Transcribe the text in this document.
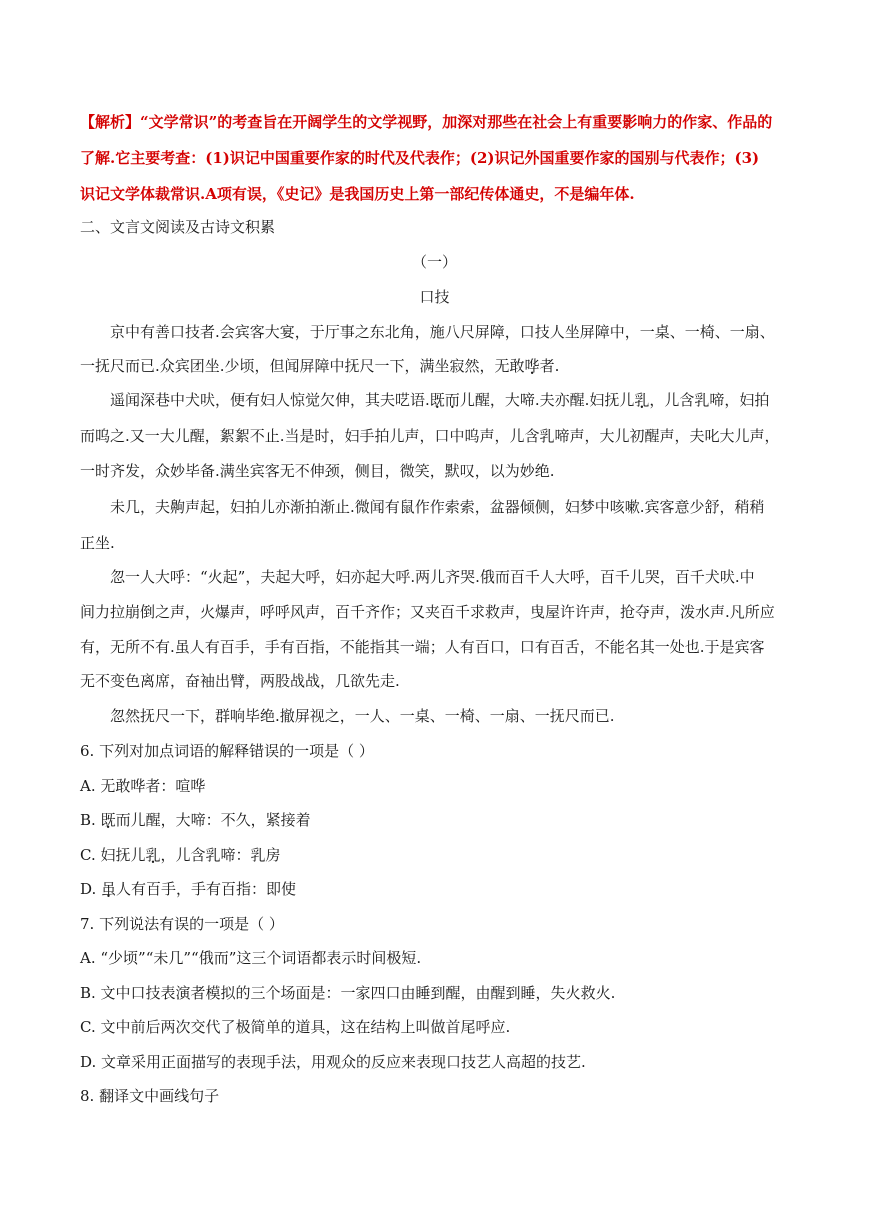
【解析】“文学常识”的考查旨在开阔学生的文学视野，加深对那些在社会上有重要影响力的作家、作品的
了解.它主要考查：(1)识记中国重要作家的时代及代表作；(2)识记外国重要作家的国别与代表作；(3)
识记文学体裁常识.A项有误，《史记》是我国历史上第一部纪传体通史，不是编年体.
二、文言文阅读及古诗文积累
（一）
口技
京中有善口技者.会宾客大宴，于厅事之东北角，施八尺屏障，口技人坐屏障中，一桌、一椅、一扇、
一抚尺而已.众宾团坐.少顷，但闻屏障中抚尺一下，满坐寂然，无敢哗者.
遥闻深巷中犬吠，便有妇人惊觉欠伸，其夫呓语.既而儿醒，大啼.夫亦醒.妇抚儿乳，儿含乳啼，妇拍
而呜之.又一大儿醒，絮絮不止.当是时，妇手拍儿声，口中呜声，儿含乳啼声，大儿初醒声，夫叱大儿声，
一时齐发，众妙毕备.满坐宾客无不伸颈，侧目，微笑，默叹，以为妙绝.
未几，夫齁声起，妇拍儿亦渐拍渐止.微闻有鼠作作索索，盆器倾侧，妇梦中咳嗽.宾客意少舒，稍稍
正坐.
忽一人大呼：“火起”，夫起大呼，妇亦起大呼.两儿齐哭.俄而百千人大呼，百千儿哭，百千犬吠.中
间力拉崩倒之声，火爆声，呼呼风声，百千齐作；又夹百千求救声，曳屋许许声，抢夺声，泼水声.凡所应
有，无所不有.虽人有百手，手有百指，不能指其一端；人有百口，口有百舌，不能名其一处也.于是宾客
无不变色离席，奋袖出臂，两股战战，几欲先走.
忽然抚尺一下，群响毕绝.撤屏视之，一人、一桌、一椅、一扇、一抚尺而已.
6. 下列对加点词语的解释错误的一项是（ ）
A. 无敢哗者：喧哗
B. 既而儿醒，大啼：不久，紧接着
C. 妇抚儿乳，儿含乳啼：乳房
D. 虽人有百手，手有百指：即使
7. 下列说法有误的一项是（ ）
A. “少顷”“未几”“俄而”这三个词语都表示时间极短.
B. 文中口技表演者模拟的三个场面是：一家四口由睡到醒，由醒到睡，失火救火.
C. 文中前后两次交代了极简单的道具，这在结构上叫做首尾呼应.
D. 文章采用正面描写的表现手法，用观众的反应来表现口技艺人高超的技艺.
8. 翻译文中画线句子
